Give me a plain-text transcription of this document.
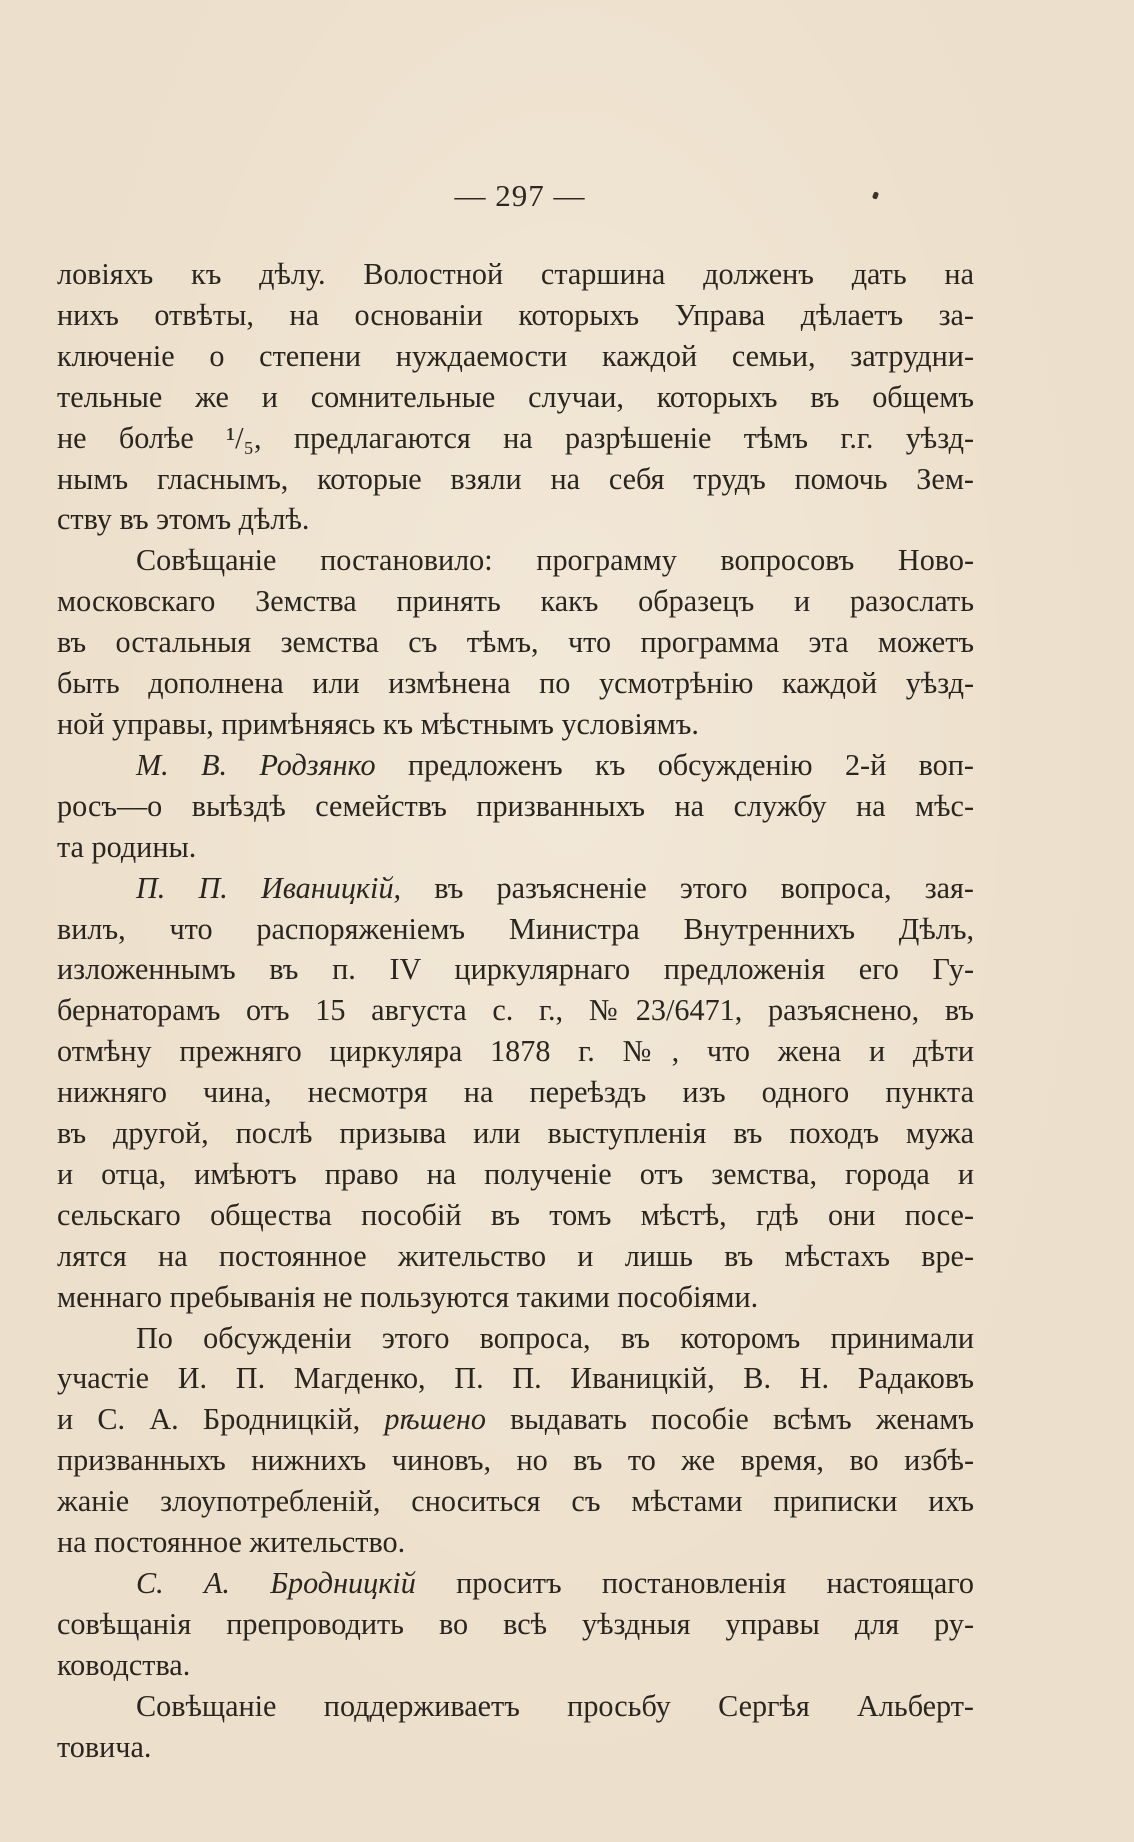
— 297 —

ловіяхъ къ дѣлу. Волостной старшина долженъ дать на
нихъ отвѣты, на основаніи которыхъ Управа дѣлаетъ за-
ключеніе о степени нуждаемости каждой семьи, затрудни-
тельные же и сомнительные случаи, которыхъ въ общемъ
не болѣе ¹/₅, предлагаются на разрѣшеніе тѣмъ г.г. уѣзд-
нымъ гласнымъ, которые взяли на себя трудъ помочь Зем-
ству въ этомъ дѣлѣ.

Совѣщаніе постановило: программу вопросовъ Ново-
московскаго Земства принять какъ образецъ и разослать
въ остальныя земства съ тѣмъ, что программа эта можетъ
быть дополнена или измѣнена по усмотрѣнію каждой уѣзд-
ной управы, примѣняясь къ мѣстнымъ условіямъ.

М. В. Родзянко предложенъ къ обсужденію 2-й воп-
росъ—о выѣздѣ семействъ призванныхъ на службу на мѣс-
та родины.

П. П. Иваницкій, въ разъясненіе этого вопроса, зая-
вилъ, что распоряженіемъ Министра Внутреннихъ Дѣлъ,
изложеннымъ въ п. IV циркулярнаго предложенія его Гу-
бернаторамъ отъ 15 августа с. г., №23/6471, разъяснено, въ
отмѣну прежняго циркуляра 1878 г. №, что жена и дѣти
нижняго чина, несмотря на переѣздъ изъ одного пункта
въ другой, послѣ призыва или выступленія въ походъ мужа
и отца, имѣютъ право на полученіе отъ земства, города и
сельскаго общества пособій въ томъ мѣстѣ, гдѣ они посе-
лятся на постоянное жительство и лишь въ мѣстахъ вре-
меннаго пребыванія не пользуются такими пособіями.

По обсужденіи этого вопроса, въ которомъ принимали
участіе И. П. Магденко, П. П. Иваницкій, В. Н. Радаковъ
и С. А. Бродницкій, рѣшено выдавать пособіе всѣмъ женамъ
призванныхъ нижнихъ чиновъ, но въ то же время, во избѣ-
жаніе злоупотребленій, сноситься съ мѣстами приписки ихъ
на постоянное жительство.

С. А. Бродницкій проситъ постановленія настоящаго
совѣщанія препроводить во всѣ уѣздныя управы для ру-
ководства.

Совѣщаніе поддерживаетъ просьбу Сергѣя Альберт-
товича.
